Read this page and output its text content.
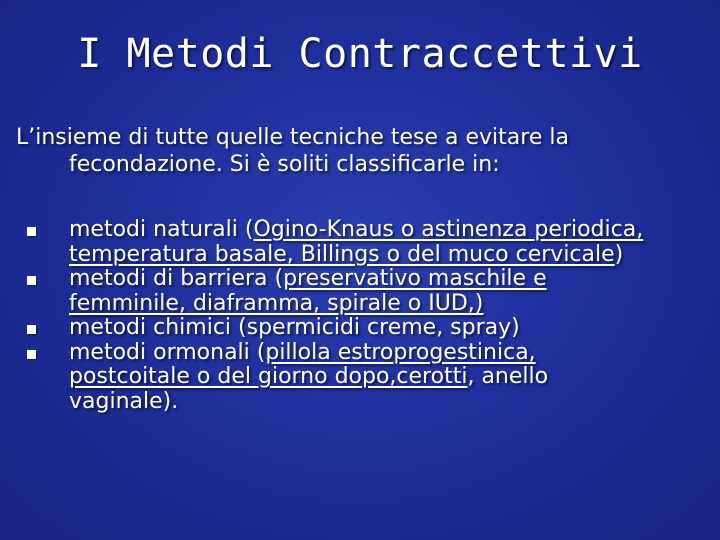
I Metodi Contraccettivi
L’insieme di tutte quelle tecniche tese a evitare la
fecondazione. Si è soliti classificarle in:
metodi naturali (Ogino-Knaus o astinenza periodica, temperatura basale, Billings o del muco cervicale)
metodi di barriera (preservativo maschile e femminile, diaframma, spirale o IUD,)
metodi chimici (spermicidi creme, spray)
metodi ormonali (pillola estroprogestinica, postcoitale o del giorno dopo,cerotti, anello vaginale).
